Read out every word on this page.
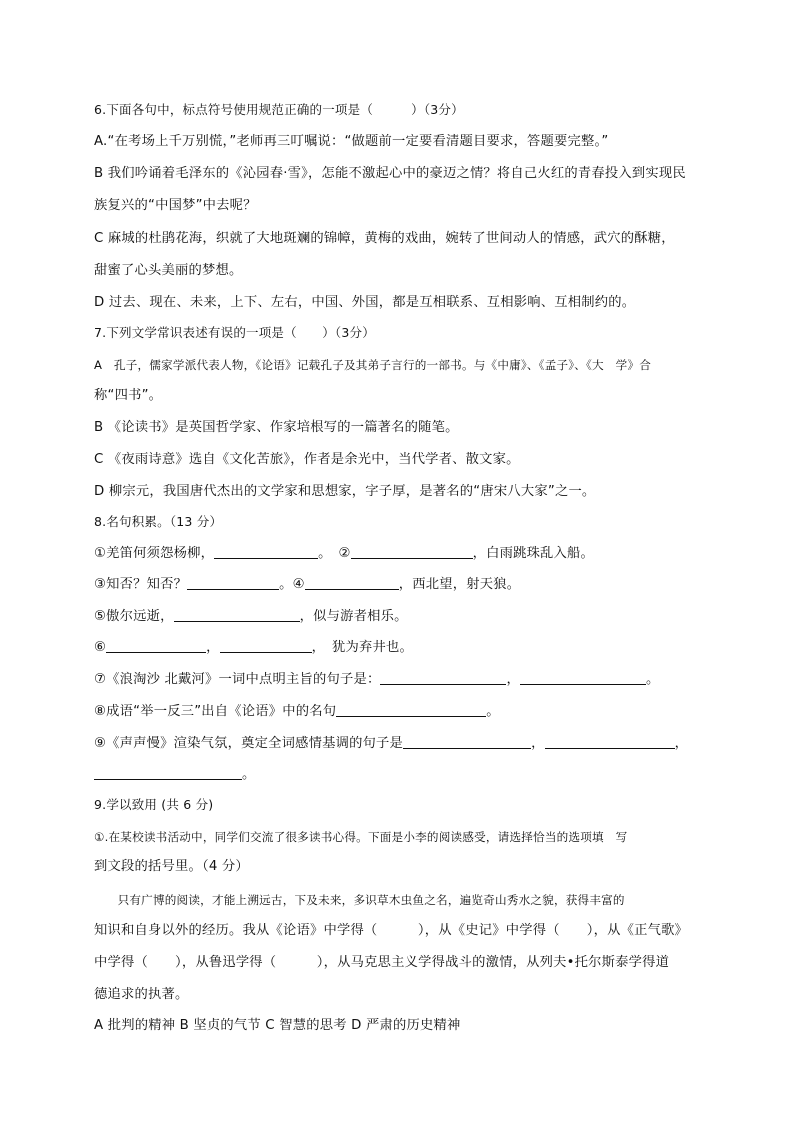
6.下面各句中，标点符号使用规范正确的一项是（　　　）（3分）
A.“在考场上千万别慌，”老师再三叮嘱说：“做题前一定要看清题目要求，答题要完整。”
B 我们吟诵着毛泽东的《沁园春·雪》，怎能不激起心中的豪迈之情？将自己火红的青春投入到实现民
族复兴的“中国梦”中去呢？
C 麻城的杜鹃花海，织就了大地斑斓的锦幛，黄梅的戏曲，婉转了世间动人的情感，武穴的酥糖，
甜蜜了心头美丽的梦想。
D 过去、现在、未来，上下、左右，中国、外国，都是互相联系、互相影响、互相制约的。
7.下列文学常识表述有误的一项是（　　）（3分）
A　孔子，儒家学派代表人物，《论语》记载孔子及其弟子言行的一部书。与《中庸》、《孟子》、《大　学》合
称“四书”。
B 《论读书》是英国哲学家、作家培根写的一篇著名的随笔。
C 《夜雨诗意》选自《文化苦旅》，作者是余光中，当代学者、散文家。
D 柳宗元，我国唐代杰出的文学家和思想家，字子厚，是著名的“唐宋八大家”之一。
8.名句积累。（13 分）
①羌笛何须怨杨柳，	。　②	，白雨跳珠乱入船。
③知否？知否？	。④	，西北望，射天狼。
⑤傲尔远逝，	，似与游者相乐。
⑥	，	，　犹为弃井也。
⑦《浪淘沙 北戴河》一词中点明主旨的句子是：	，	。
⑧成语“举一反三”出自《论语》中的名句	。
⑨《声声慢》渲染气氛，奠定全词感情基调的句子是	，	，
。
9.学以致用 (共 6 分)
①.在某校读书活动中，同学们交流了很多读书心得。下面是小李的阅读感受，请选择恰当的选项填　写
到文段的括号里。（4 分）
　　只有广博的阅读，才能上溯远古，下及未来，多识草木虫鱼之名，遍览奇山秀水之貌，获得丰富的
知识和自身以外的经历。我从《论语》中学得（　　　），从《史记》中学得（　　），从《正气歌》
中学得（　　），从鲁迅学得（　　　），从马克思主义学得战斗的激情，从列夫•托尔斯泰学得道
德追求的执著。
A 批判的精神 B 坚贞的气节 C 智慧的思考 D 严肃的历史精神
